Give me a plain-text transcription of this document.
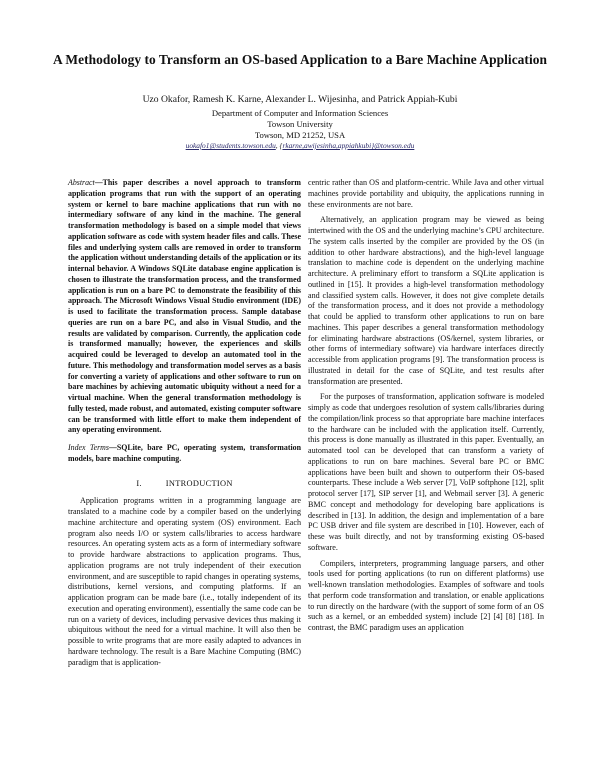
A Methodology to Transform an OS-based Application to a Bare Machine Application
Uzo Okafor, Ramesh K. Karne, Alexander L. Wijesinha, and Patrick Appiah-Kubi
Department of Computer and Information Sciences
Towson University
Towson, MD 21252, USA
uokafo1@students.towson.edu, {rkarne,awijesinha,appiahkubi}@towson.edu

Abstract—This paper describes a novel approach to transform application programs that run with the support of an operating system or kernel to bare machine applications that run with no intermediary software of any kind in the machine. The general transformation methodology is based on a simple model that views application software as code with system header files and calls. These files and underlying system calls are removed in order to transform the application without understanding details of the application or its internal behavior. A Windows SQLite database engine application is chosen to illustrate the transformation process, and the transformed application is run on a bare PC to demonstrate the feasibility of this approach. The Microsoft Windows Visual Studio environment (IDE) is used to facilitate the transformation process. Sample database queries are run on a bare PC, and also in Visual Studio, and the results are validated by comparison. Currently, the application code is transformed manually; however, the experiences and skills acquired could be leveraged to develop an automated tool in the future. This methodology and transformation model serves as a basis for converting a variety of applications and other software to run on bare machines by achieving automatic ubiquity without a need for a virtual machine. When the general transformation methodology is fully tested, made robust, and automated, existing computer software can be transformed with little effort to make them independent of any operating environment.

Index Terms—SQLite, bare PC, operating system, transformation models, bare machine computing.

I.	INTRODUCTION

Application programs written in a programming language are translated to a machine code by a compiler based on the underlying machine architecture and operating system (OS) environment. Each program also needs I/O or system calls/libraries to access hardware resources. An operating system acts as a form of intermediary software to provide hardware abstractions to application programs. Thus, application programs are not truly independent of their execution environment, and are susceptible to rapid changes in operating systems, distributions, kernel versions, and computing platforms. If an application program can be made bare (i.e., totally independent of its execution and operating environment), essentially the same code can be run on a variety of devices, including pervasive devices thus making it ubiquitous without the need for a virtual machine. It will also then be possible to write programs that are more easily adapted to advances in hardware technology. The result is a Bare Machine Computing (BMC) paradigm that is application-

centric rather than OS and platform-centric. While Java and other virtual machines provide portability and ubiquity, the applications running in these environments are not bare.

Alternatively, an application program may be viewed as being intertwined with the OS and the underlying machine’s CPU architecture. The system calls inserted by the compiler are provided by the OS (in addition to other hardware abstractions), and the high-level language translation to machine code is dependent on the underlying machine architecture. A preliminary effort to transform a SQLite application is outlined in [15]. It provides a high-level transformation methodology and classified system calls. However, it does not give complete details of the transformation process, and it does not provide a methodology that could be applied to transform other applications to run on bare machines. This paper describes a general transformation methodology for eliminating hardware abstractions (OS/kernel, system libraries, or other forms of intermediary software) via hardware interfaces directly accessible from application programs [9]. The transformation process is illustrated in detail for the case of SQLite, and test results after transformation are presented.

For the purposes of transformation, application software is modeled simply as code that undergoes resolution of system calls/libraries during the compilation/link process so that appropriate bare machine interfaces to the hardware can be included with the application itself. Currently, this process is done manually as illustrated in this paper. Eventually, an automated tool can be developed that can transform a variety of applications to run on bare machines. Several bare PC or BMC applications have been built and shown to outperform their OS-based counterparts. These include a Web server [7], VoIP softphone [12], split protocol server [17], SIP server [1], and Webmail server [3]. A generic BMC concept and methodology for developing bare applications is described in [13]. In addition, the design and implementation of a bare PC USB driver and file system are described in [10]. However, each of these was built directly, and not by transforming existing OS-based software.

Compilers, interpreters, programming language parsers, and other tools used for porting applications (to run on different platforms) use well-known translation methodologies. Examples of software and tools that perform code transformation and translation, or enable applications to run directly on the hardware (with the support of some form of an OS such as a kernel, or an embedded system) include [2] [4] [8] [18]. In contrast, the BMC paradigm uses an application
